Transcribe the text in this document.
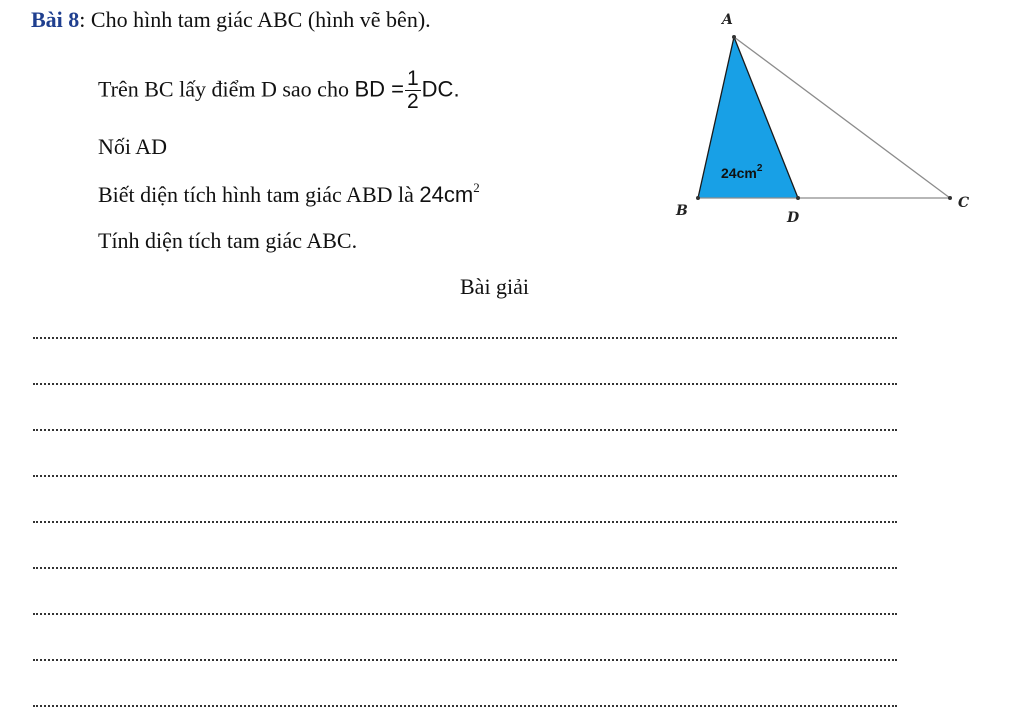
Bài 8: Cho hình tam giác ABC (hình vẽ bên).
Trên BC lấy điểm D sao cho BD = $\frac{1}{2}$ DC.
Nối AD
Biết diện tích hình tam giác ABD là $24cm^2$
Tính diện tích tam giác ABC.
Bài giải
A
B	C
D
$24cm^2$
